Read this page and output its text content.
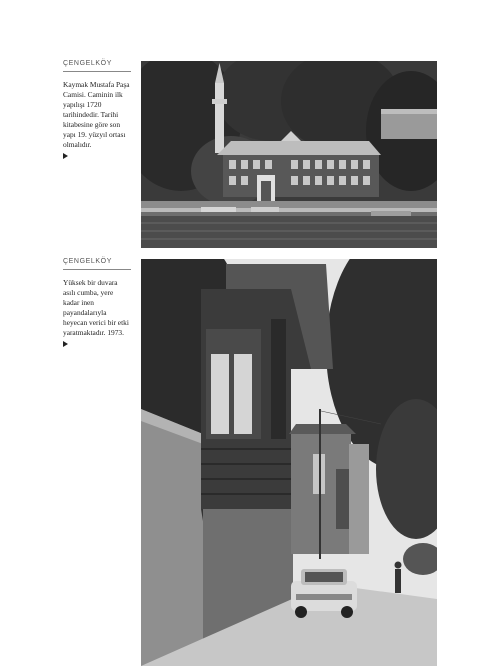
ÇENGELKÖY
Kaymak Mustafa Paşa Camisi. Caminin ilk yapılışı 1720 tarihindedir. Tarihi kitabesine göre son yapı 19. yüzyıl ortası olmalıdır.
ÇENGELKÖY
Yüksek bir duvara asılı cumba, yere kadar inen payandalarıyla heyecan verici bir etki yaratmaktadır. 1973.
